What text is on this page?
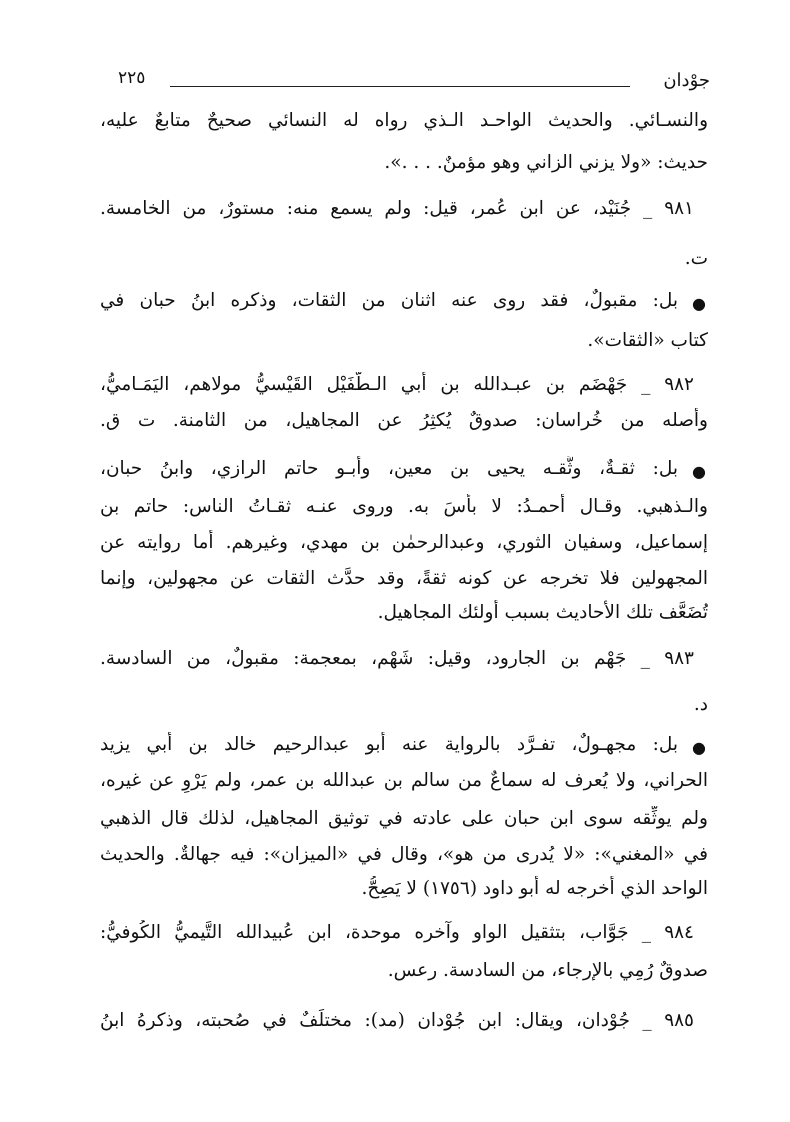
جوْدان
٢٢٥
والنسـائي. والحديث الواحـد الـذي رواه له النسائي صحيحٌ متابعٌ عليه،
حديث: «ولا يزني الزاني وهو مؤمنٌ. . . .».
٩٨١ _ جُنَيْد، عن ابن عُمر، قيل: ولم يسمع منه: مستورٌ، من الخامسة.
ت.
بل: مقبولٌ، فقد روى عنه اثنان من الثقات، وذكره ابنُ حبان في ●
كتاب «الثقات».
٩٨٢ _ جَهْضَم بن عبـدالله بن أبي الـطُّفَيْل القَيْسيُّ مولاهم، اليَمَـاميُّ،
وأصله من خُراسان: صدوقٌ يُكثِرُ عن المجاهيل، من الثامنة. ت ق.
بل: ثقـةٌ، وثَّقـه يحيى بن معين، وأبـو حاتم الرازي، وابنُ حبان، ●
والـذهبي. وقـال أحمـدُ: لا بأسَ به. وروى عنـه ثقـاتُ الناس: حاتم بن
إسماعيل، وسفيان الثوري، وعبدالرحمٰن بن مهدي، وغيرهم. أما روايته عن
المجهولين فلا تخرجه عن كونه ثقةً، وقد حدَّث الثقات عن مجهولين، وإنما
تُضَعَّف تلك الأحاديث بسبب أولئك المجاهيل.
٩٨٣ _ جَهْم بن الجارود، وقيل: شَهْم، بمعجمة: مقبولٌ، من السادسة.
د.
بل: مجهـولٌ، تفـرَّد بالرواية عنه أبو عبدالرحيم خالد بن أبي يزيد ●
الحراني، ولا يُعرف له سماعٌ من سالم بن عبدالله بن عمر، ولم يَرْوِ عن غيره،
ولم يوثِّقه سوى ابن حبان على عادته في توثيق المجاهيل، لذلك قال الذهبي
في «المغني»: «لا يُدرى من هو»، وقال في «الميزان»: فيه جهالةٌ. والحديث
الواحد الذي أخرجه له أبو داود (١٧٥٦) لا يَصِحُّ.
٩٨٤ _ جَوَّاب، بتثقيل الواو وآخره موحدة، ابن عُبيدالله التَّيميُّ الكُوفيُّ:
صدوقٌ رُمِي بالإرجاء، من السادسة. رعس.
٩٨٥ _ جُوْدان، ويقال: ابن جُوْدان (مد): مختلَفٌ في صُحبته، وذكرهُ ابنُ
